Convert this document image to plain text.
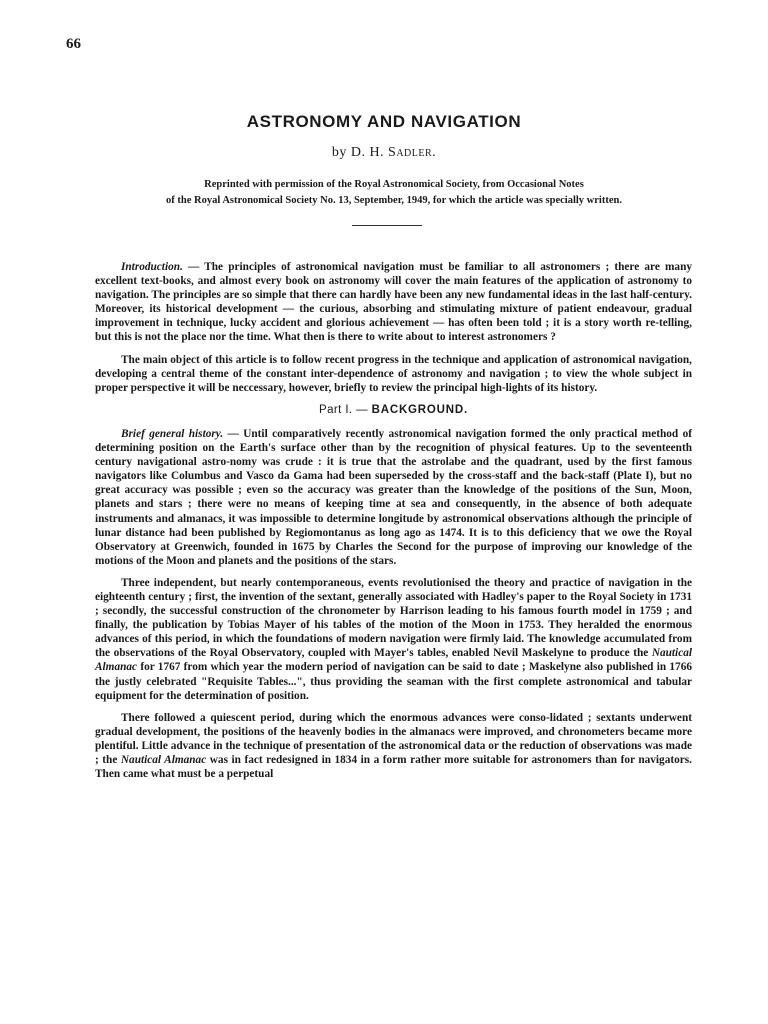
66
ASTRONOMY AND NAVIGATION
by D. H. Sadler.
Reprinted with permission of the Royal Astronomical Society, from Occasional Notes
of the Royal Astronomical Society No. 13, September, 1949, for which the article was specially written.

Introduction. — The principles of astronomical navigation must be familiar to all astronomers ; there are many excellent text-books, and almost every book on astronomy will cover the main features of the application of astronomy to navigation. The principles are so simple that there can hardly have been any new fundamental ideas in the last half-century. Moreover, its historical development — the curious, absorbing and stimulating mixture of patient endeavour, gradual improvement in technique, lucky accident and glorious achievement — has often been told ; it is a story worth re-telling, but this is not the place nor the time. What then is there to write about to interest astronomers ?

The main object of this article is to follow recent progress in the technique and application of astronomical navigation, developing a central theme of the constant inter-dependence of astronomy and navigation ; to view the whole subject in proper perspective it will be neccessary, however, briefly to review the principal high-lights of its history.

Part I. — BACKGROUND.

Brief general history. — Until comparatively recently astronomical navigation formed the only practical method of determining position on the Earth's surface other than by the recognition of physical features. Up to the seventeenth century navigational astro-nomy was crude : it is true that the astrolabe and the quadrant, used by the first famous navigators like Columbus and Vasco da Gama had been superseded by the cross-staff and the back-staff (Plate I), but no great accuracy was possible ; even so the accuracy was greater than the knowledge of the positions of the Sun, Moon, planets and stars ; there were no means of keeping time at sea and consequently, in the absence of both adequate instruments and almanacs, it was impossible to determine longitude by astronomical observations although the principle of lunar distance had been published by Regiomontanus as long ago as 1474. It is to this deficiency that we owe the Royal Observatory at Greenwich, founded in 1675 by Charles the Second for the purpose of improving our knowledge of the motions of the Moon and planets and the positions of the stars.

Three independent, but nearly contemporaneous, events revolutionised the theory and practice of navigation in the eighteenth century ; first, the invention of the sextant, generally associated with Hadley's paper to the Royal Society in 1731 ; secondly, the successful construction of the chronometer by Harrison leading to his famous fourth model in 1759 ; and finally, the publication by Tobias Mayer of his tables of the motion of the Moon in 1753. They heralded the enormous advances of this period, in which the foundations of modern navigation were firmly laid. The knowledge accumulated from the observations of the Royal Observatory, coupled with Mayer's tables, enabled Nevil Maskelyne to produce the Nautical Almanac for 1767 from which year the modern period of navigation can be said to date ; Maskelyne also published in 1766 the justly celebrated "Requisite Tables...", thus providing the seaman with the first complete astronomical and tabular equipment for the determination of position.

There followed a quiescent period, during which the enormous advances were conso-lidated ; sextants underwent gradual development, the positions of the heavenly bodies in the almanacs were improved, and chronometers became more plentiful. Little advance in the technique of presentation of the astronomical data or the reduction of observations was made ; the Nautical Almanac was in fact redesigned in 1834 in a form rather more suitable for astronomers than for navigators. Then came what must be a perpetual
